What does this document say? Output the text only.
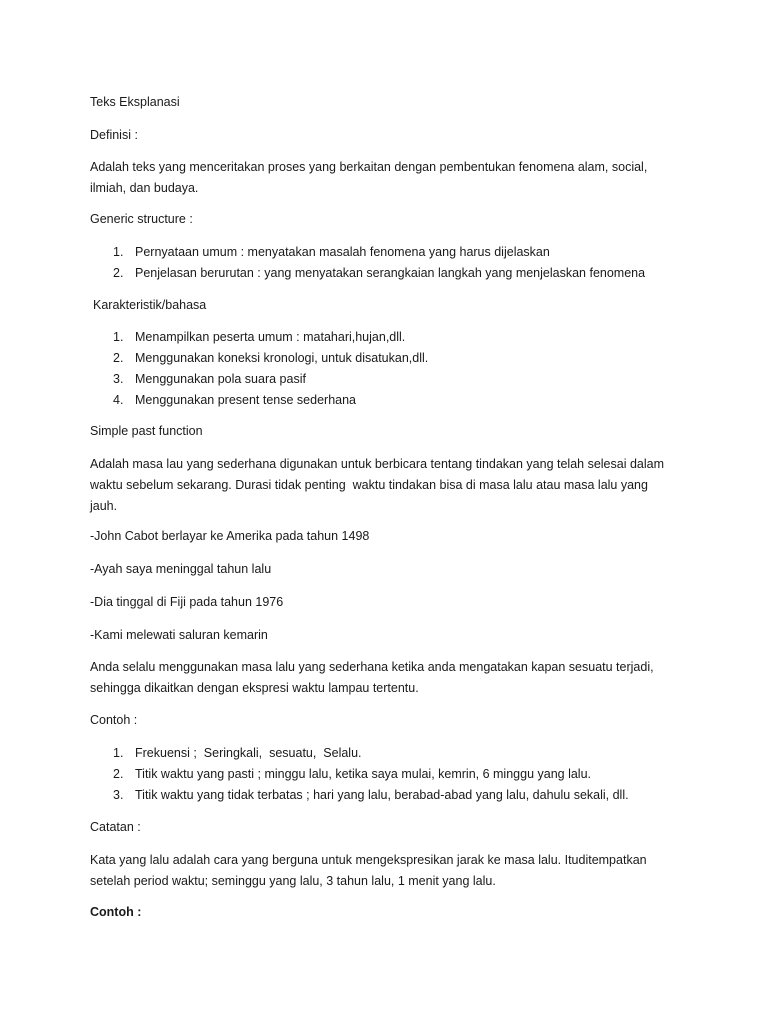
Teks Eksplanasi

Definisi :

Adalah teks yang menceritakan proses yang berkaitan dengan pembentukan fenomena alam, social,
ilmiah, dan budaya.

Generic structure :

1. Pernyataan umum : menyatakan masalah fenomena yang harus dijelaskan
2. Penjelasan berurutan : yang menyatakan serangkaian langkah yang menjelaskan fenomena

Karakteristik/bahasa

1. Menampilkan peserta umum : matahari,hujan,dll.
2. Menggunakan koneksi kronologi, untuk disatukan,dll.
3. Menggunakan pola suara pasif
4. Menggunakan present tense sederhana

Simple past function

Adalah masa lau yang sederhana digunakan untuk berbicara tentang tindakan yang telah selesai dalam
waktu sebelum sekarang. Durasi tidak penting  waktu tindakan bisa di masa lalu atau masa lalu yang
jauh.

-John Cabot berlayar ke Amerika pada tahun 1498

-Ayah saya meninggal tahun lalu

-Dia tinggal di Fiji pada tahun 1976

-Kami melewati saluran kemarin

Anda selalu menggunakan masa lalu yang sederhana ketika anda mengatakan kapan sesuatu terjadi,
sehingga dikaitkan dengan ekspresi waktu lampau tertentu.

Contoh :

1. Frekuensi ;  Seringkali,  sesuatu,  Selalu.
2. Titik waktu yang pasti ; minggu lalu, ketika saya mulai, kemrin, 6 minggu yang lalu.
3. Titik waktu yang tidak terbatas ; hari yang lalu, berabad-abad yang lalu, dahulu sekali, dll.

Catatan :

Kata yang lalu adalah cara yang berguna untuk mengekspresikan jarak ke masa lalu. Ituditempatkan
setelah period waktu; seminggu yang lalu, 3 tahun lalu, 1 menit yang lalu.

Contoh :
